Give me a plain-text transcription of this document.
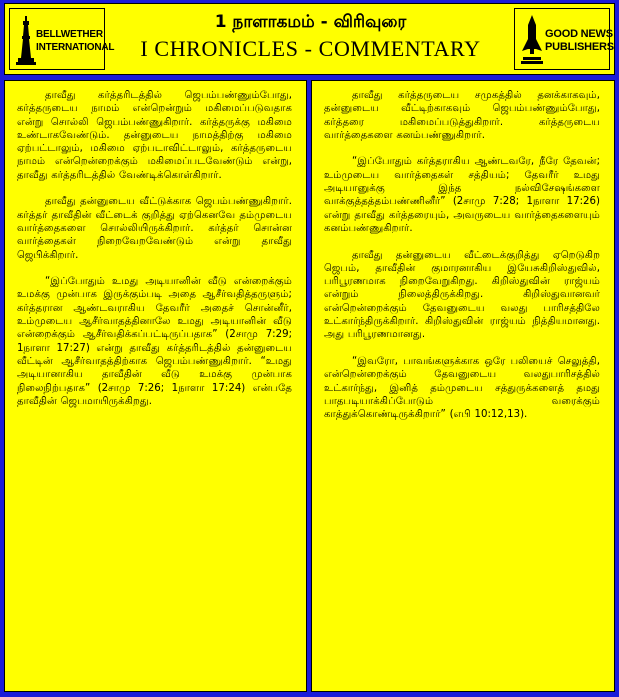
BELLWETHER
INTERNATIONAL
1 நாளாகமம் - விரிவுரை
I CHRONICLES - COMMENTARY
GOOD NEWS
PUBLISHERS

தாவீது கர்த்தரிடத்தில் ஜெபம்பண்ணும்போது, கர்த்தருடைய நாமம் என்றென்றும் மகிமைப்படுவதாக என்று சொல்லி ஜெபம்பண்ணுகிறார். கர்த்தருக்கு மகிமை உண்டாகவேண்டும். தன்னுடைய நாமத்திற்கு மகிமை ஏற்பட்டாலும், மகிமை ஏற்படாவிட்டாலும், கர்த்தருடைய நாமம் என்றென்றைக்கும் மகிமைப்படவேண்டும் என்று, தாவீது கர்த்தரிடத்தில் வேண்டிக்கொள்கிறார்.

தாவீது தன்னுடைய வீட்டுக்காக ஜெபம்பண்ணுகிறார். கர்த்தர் தாவீதின் வீட்டைக் குறித்து ஏற்கெனவே தம்முடைய வார்த்தைகளை சொல்லியிருக்கிறார். கர்த்தர் சொன்ன வார்த்தைகள் நிறைவேறவேண்டும் என்று தாவீது ஜெபிக்கிறார்.

“இப்போதும் உமது அடியானின் வீடு என்றைக்கும் உமக்கு முன்பாக இருக்கும்படி அதை ஆசீர்வதித்தருளும்; கர்த்தரான ஆண்டவராகிய தேவரீர் அதைச் சொன்னீர், உம்முடைய ஆசீர்வாதத்தினாலே உமது அடியானின் வீடு என்றைக்கும் ஆசீர்வதிக்கப்பட்டிருப்பதாக” (2சாமு 7:29; 1நாளா 17:27) என்று தாவீது கர்த்தரிடத்தில் தன்னுடைய வீட்டின் ஆசீர்வாதத்திற்காக ஜெபம்பண்ணுகிறார். “உமது அடியானாகிய தாவீதின் வீடு உமக்கு முன்பாக நிலைநிற்பதாக” (2சாமு 7:26; 1நாளா 17:24) என்பதே தாவீதின் ஜெபமாயிருக்கிறது.

தாவீது கர்த்தருடைய சமுகத்தில் தனக்காகவும், தன்னுடைய வீட்டிற்காகவும் ஜெபம்பண்ணும்போது, கர்த்தரை மகிமைப்படுத்துகிறார். கர்த்தருடைய வார்த்தைகளை கனம்பண்ணுகிறார்.

“இப்போதும் கர்த்தராகிய ஆண்டவரே, நீரே தேவன்; உம்முடைய வார்த்தைகள் சத்தியம்; தேவரீர் உமது அடியானுக்கு இந்த நல்விசேஷங்களை வாக்குத்தத்தம்பண்ணினீர்” (2சாமு 7:28; 1நாளா 17:26) என்று தாவீது கர்த்தரையும், அவருடைய வார்த்தைகளையும் கனம்பண்ணுகிறார்.

தாவீது தன்னுடைய வீட்டைக்குறித்து ஏறெடுகிற ஜெபம், தாவீதின் குமாரனாகிய இயேசுகிறிஸ்துவில், பரிபூரணமாக நிறைவேறுகிறது. கிறிஸ்துவின் ராஜ்யம் என்றும் நிலைத்திருக்கிறது. கிறிஸ்துவானவர் என்றென்றைக்கும் தேவனுடைய வலது பாரிசத்திலே உட்கார்ந்திருக்கிறார். கிறிஸ்துவின் ராஜ்யம் நித்தியமானது. அது பரிபூரணமானது.

“இவரோ, பாவங்களுக்காக ஒரே பலியைச் செலுத்தி, என்றென்றைக்கும் தேவனுடைய வலதுபாரிசத்தில் உட்கார்ந்து, இனித் தம்முடைய சத்துருக்களைத் தமது பாதபடியாக்கிப்போடும் வரைக்கும் காத்துக்கொண்டிருக்கிறார்” (எபி 10:12,13).
